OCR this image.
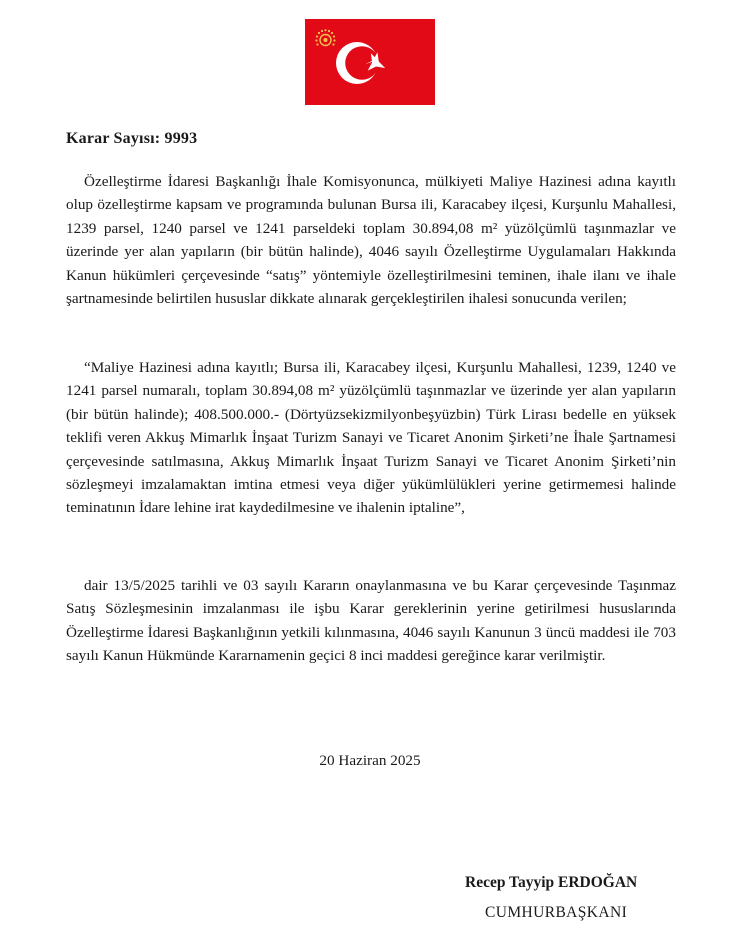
Karar Sayısı: 9993

Özelleştirme İdaresi Başkanlığı İhale Komisyonunca, mülkiyeti Maliye Hazinesi adına kayıtlı olup özelleştirme kapsam ve programında bulunan Bursa ili, Karacabey ilçesi, Kurşunlu Mahallesi, 1239 parsel, 1240 parsel ve 1241 parseldeki toplam 30.894,08 m² yüzölçümlü taşınmazlar ve üzerinde yer alan yapıların (bir bütün halinde), 4046 sayılı Özelleştirme Uygulamaları Hakkında Kanun hükümleri çerçevesinde “satış” yöntemiyle özelleştirilmesini teminen, ihale ilanı ve ihale şartnamesinde belirtilen hususlar dikkate alınarak gerçekleştirilen ihalesi sonucunda verilen;

“Maliye Hazinesi adına kayıtlı; Bursa ili, Karacabey ilçesi, Kurşunlu Mahallesi, 1239, 1240 ve 1241 parsel numaralı, toplam 30.894,08 m² yüzölçümlü taşınmazlar ve üzerinde yer alan yapıların (bir bütün halinde); 408.500.000.- (Dörtyüzsekizmilyonbeşyüzbin) Türk Lirası bedelle en yüksek teklifi veren Akkuş Mimarlık İnşaat Turizm Sanayi ve Ticaret Anonim Şirketi’ne İhale Şartnamesi çerçevesinde satılmasına, Akkuş Mimarlık İnşaat Turizm Sanayi ve Ticaret Anonim Şirketi’nin sözleşmeyi imzalamaktan imtina etmesi veya diğer yükümlülükleri yerine getirmemesi halinde teminatının İdare lehine irat kaydedilmesine ve ihalenin iptaline”,

dair 13/5/2025 tarihli ve 03 sayılı Kararın onaylanmasına ve bu Karar çerçevesinde Taşınmaz Satış Sözleşmesinin imzalanması ile işbu Karar gereklerinin yerine getirilmesi hususlarında Özelleştirme İdaresi Başkanlığının yetkili kılınmasına, 4046 sayılı Kanunun 3 üncü maddesi ile 703 sayılı Kanun Hükmünde Kararnamenin geçici 8 inci maddesi gereğince karar verilmiştir.

20 Haziran 2025
Recep Tayyip ERDOĞAN
CUMHURBAŞKANI
